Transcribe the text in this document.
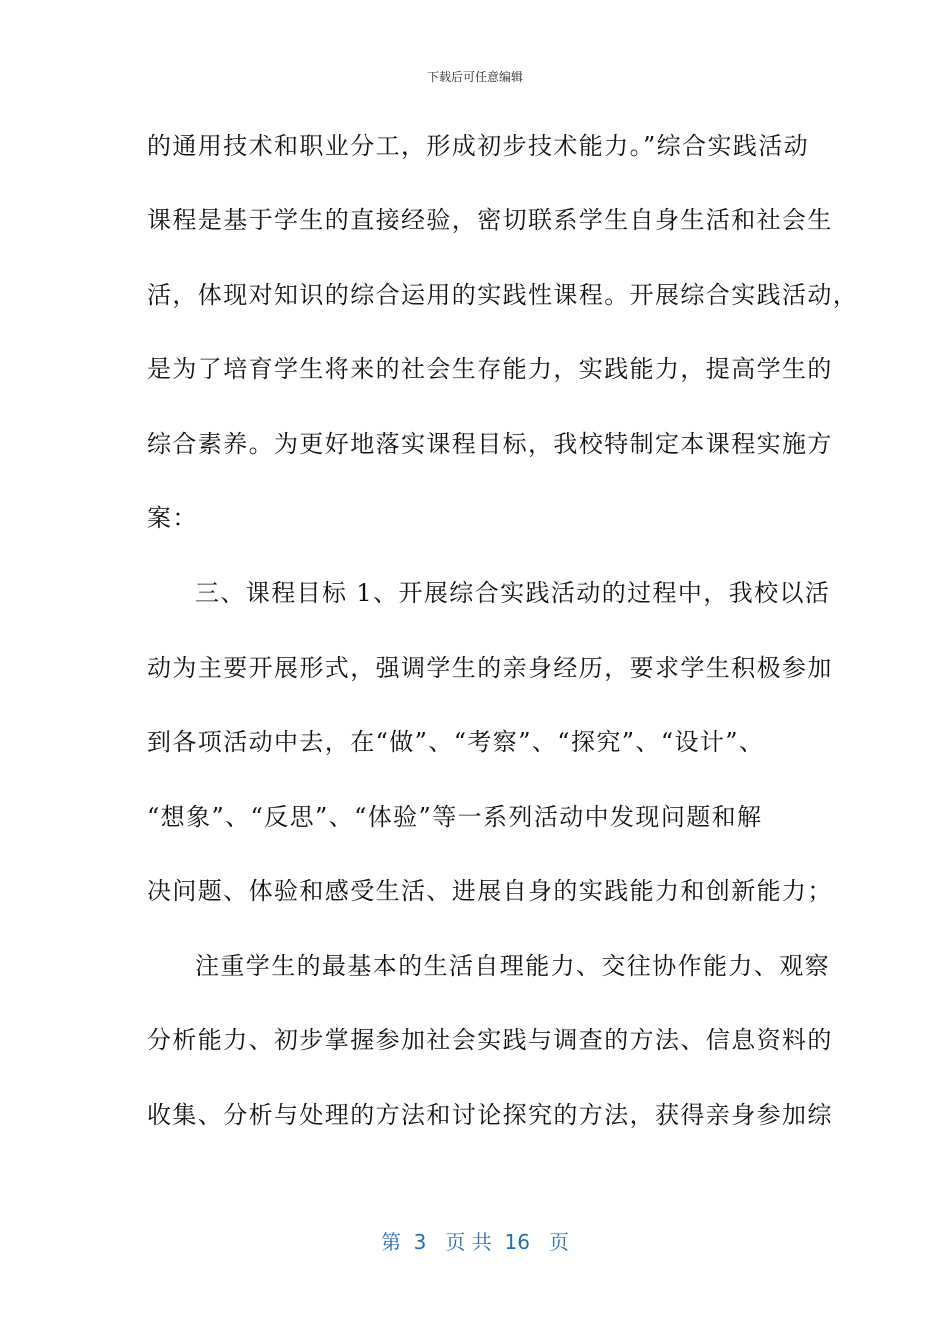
下载后可任意编辑
的通用技术和职业分工，形成初步技术能力。”综合实践活动
课程是基于学生的直接经验，密切联系学生自身生活和社会生
活，体现对知识的综合运用的实践性课程。开展综合实践活动，
是为了培育学生将来的社会生存能力，实践能力，提高学生的
综合素养。为更好地落实课程目标，我校特制定本课程实施方
案：
三、课程目标 1、开展综合实践活动的过程中，我校以活
动为主要开展形式，强调学生的亲身经历，要求学生积极参加
到各项活动中去，在“做”、“考察”、“探究”、“设计”、
“想象”、“反思”、“体验”等一系列活动中发现问题和解
决问题、体验和感受生活、进展自身的实践能力和创新能力；
注重学生的最基本的生活自理能力、交往协作能力、观察
分析能力、初步掌握参加社会实践与调查的方法、信息资料的
收集、分析与处理的方法和讨论探究的方法，获得亲身参加综
第  3   页 共  16   页
